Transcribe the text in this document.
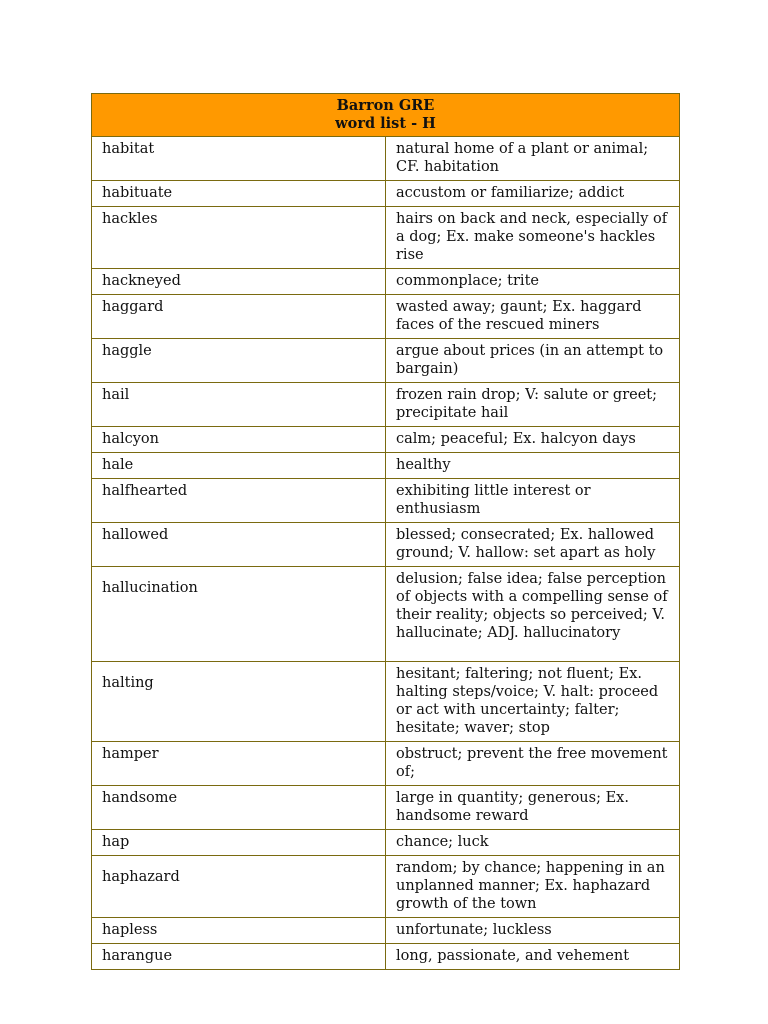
Barron GRE
word list - H	

habitat	natural home of a plant or animal; CF. habitation
habituate	accustom or familiarize; addict
hackles	hairs on back and neck, especially of a dog; Ex. make someone's hackles rise
hackneyed	commonplace; trite
haggard	wasted away; gaunt; Ex. haggard faces of the rescued miners
haggle	argue about prices (in an attempt to bargain)
hail	frozen rain drop; V: salute or greet; precipitate hail
halcyon	calm; peaceful; Ex. halcyon days
hale	healthy
halfhearted	exhibiting little interest or enthusiasm
hallowed	blessed; consecrated; Ex. hallowed ground; V. hallow: set apart as holy
hallucination	delusion; false idea; false perception of objects with a compelling sense of their reality; objects so perceived; V. hallucinate; ADJ. hallucinatory
halting	hesitant; faltering; not fluent; Ex. halting steps/voice; V. halt: proceed or act with uncertainty; falter; hesitate; waver; stop
hamper	obstruct; prevent the free movement of;
handsome	large in quantity; generous; Ex. handsome reward
hap	chance; luck
haphazard	random; by chance; happening in an unplanned manner; Ex. haphazard growth of the town
hapless	unfortunate; luckless
harangue	long, passionate, and vehement
